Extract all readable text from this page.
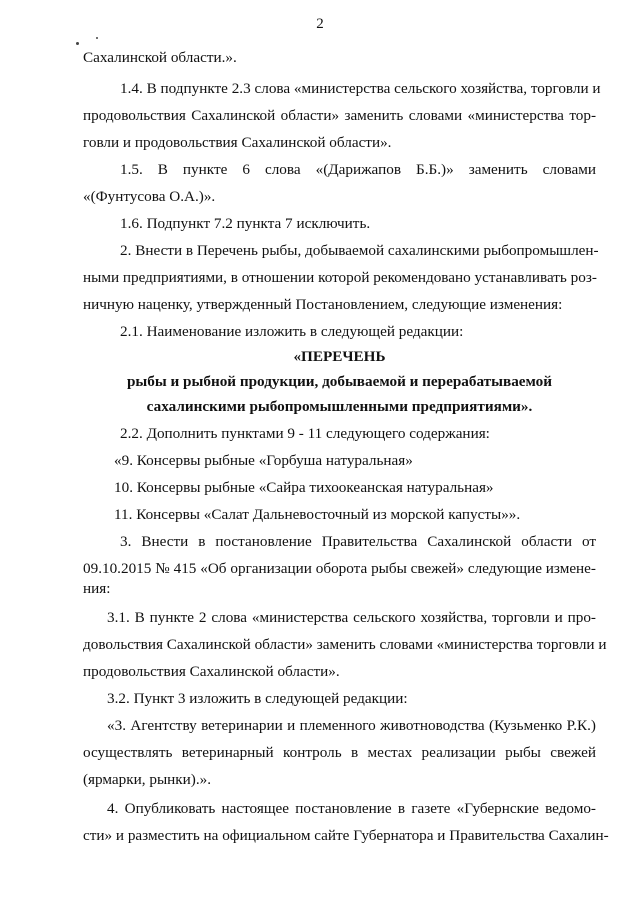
2
Сахалинской области.».
1.4. В подпункте 2.3 слова «министерства сельского хозяйства, торговли и
продовольствия Сахалинской области» заменить словами «министерства тор-
говли и продовольствия Сахалинской области».
1.5. В пункте 6 слова «(Дарижапов Б.Б.)» заменить словами
«(Фунтусова О.А.)».
1.6. Подпункт 7.2 пункта 7 исключить.
2. Внести в Перечень рыбы, добываемой сахалинскими рыбопромышлен-
ными предприятиями, в отношении которой рекомендовано устанавливать роз-
ничную наценку, утвержденный Постановлением, следующие изменения:
2.1. Наименование изложить в следующей редакции:
«ПЕРЕЧЕНЬ
рыбы и рыбной продукции, добываемой и перерабатываемой
сахалинскими рыбопромышленными предприятиями».
2.2. Дополнить пунктами 9 - 11 следующего содержания:
«9. Консервы рыбные «Горбуша натуральная»
10. Консервы рыбные «Сайра тихоокеанская натуральная»
11. Консервы «Салат Дальневосточный из морской капусты»».
3. Внести в постановление Правительства Сахалинской области от
09.10.2015 № 415 «Об организации оборота рыбы свежей» следующие измене-
ния:
3.1. В пункте 2 слова «министерства сельского хозяйства, торговли и про-
довольствия Сахалинской области» заменить словами «министерства торговли и
продовольствия Сахалинской области».
3.2. Пункт 3 изложить в следующей редакции:
«3. Агентству ветеринарии и племенного животноводства (Кузьменко Р.К.)
осуществлять ветеринарный контроль в местах реализации рыбы свежей
(ярмарки, рынки).».
4. Опубликовать настоящее постановление в газете «Губернские ведомо-
сти» и разместить на официальном сайте Губернатора и Правительства Сахалин-
